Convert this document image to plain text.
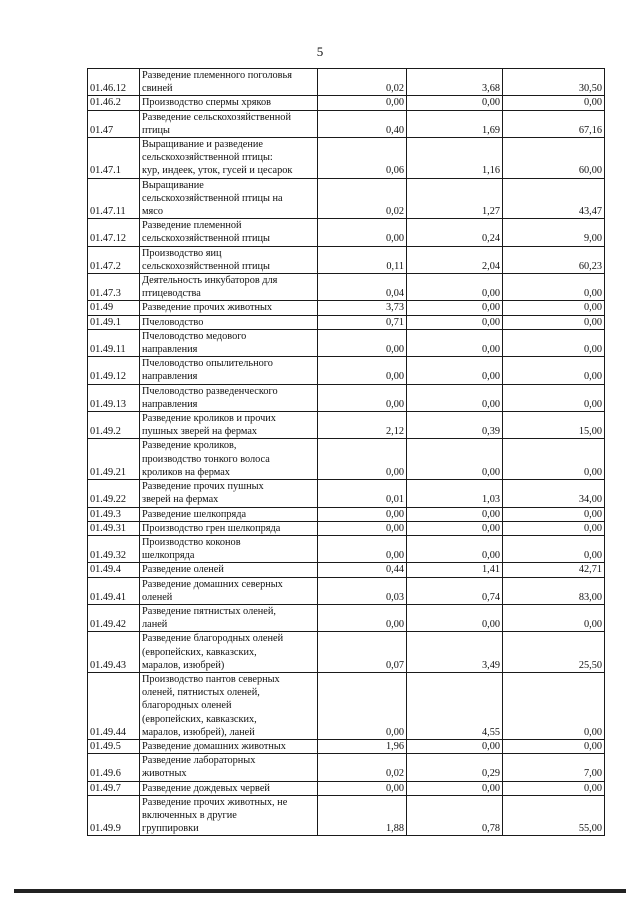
5
01.46.12	Разведение племенного поголовья
свиней	0,02	3,68	30,50
01.46.2	Производство спермы хряков	0,00	0,00	0,00
01.47	Разведение сельскохозяйственной
птицы	0,40	1,69	67,16
01.47.1	Выращивание и разведение
сельскохозяйственной птицы:
кур, индеек, уток, гусей и цесарок	0,06	1,16	60,00
01.47.11	Выращивание
сельскохозяйственной птицы на
мясо	0,02	1,27	43,47
01.47.12	Разведение племенной
сельскохозяйственной птицы	0,00	0,24	9,00
01.47.2	Производство яиц
сельскохозяйственной птицы	0,11	2,04	60,23
01.47.3	Деятельность инкубаторов для
птицеводства	0,04	0,00	0,00
01.49	Разведение прочих животных	3,73	0,00	0,00
01.49.1	Пчеловодство	0,71	0,00	0,00
01.49.11	Пчеловодство медового
направления	0,00	0,00	0,00
01.49.12	Пчеловодство опылительного
направления	0,00	0,00	0,00
01.49.13	Пчеловодство разведенческого
направления	0,00	0,00	0,00
01.49.2	Разведение кроликов и прочих
пушных зверей на фермах	2,12	0,39	15,00
01.49.21	Разведение кроликов,
производство тонкого волоса
кроликов на фермах	0,00	0,00	0,00
01.49.22	Разведение прочих пушных
зверей на фермах	0,01	1,03	34,00
01.49.3	Разведение шелкопряда	0,00	0,00	0,00
01.49.31	Производство грен шелкопряда	0,00	0,00	0,00
01.49.32	Производство коконов
шелкопряда	0,00	0,00	0,00
01.49.4	Разведение оленей	0,44	1,41	42,71
01.49.41	Разведение домашних северных
оленей	0,03	0,74	83,00
01.49.42	Разведение пятнистых оленей,
ланей	0,00	0,00	0,00
01.49.43	Разведение благородных оленей
(европейских, кавказских,
маралов, изюбрей)	0,07	3,49	25,50
01.49.44	Производство пантов северных
оленей, пятнистых оленей,
благородных оленей
(европейских, кавказских,
маралов, изюбрей), ланей	0,00	4,55	0,00
01.49.5	Разведение домашних животных	1,96	0,00	0,00
01.49.6	Разведение лабораторных
животных	0,02	0,29	7,00
01.49.7	Разведение дождевых червей	0,00	0,00	0,00
01.49.9	Разведение прочих животных, не
включенных в другие
группировки	1,88	0,78	55,00
